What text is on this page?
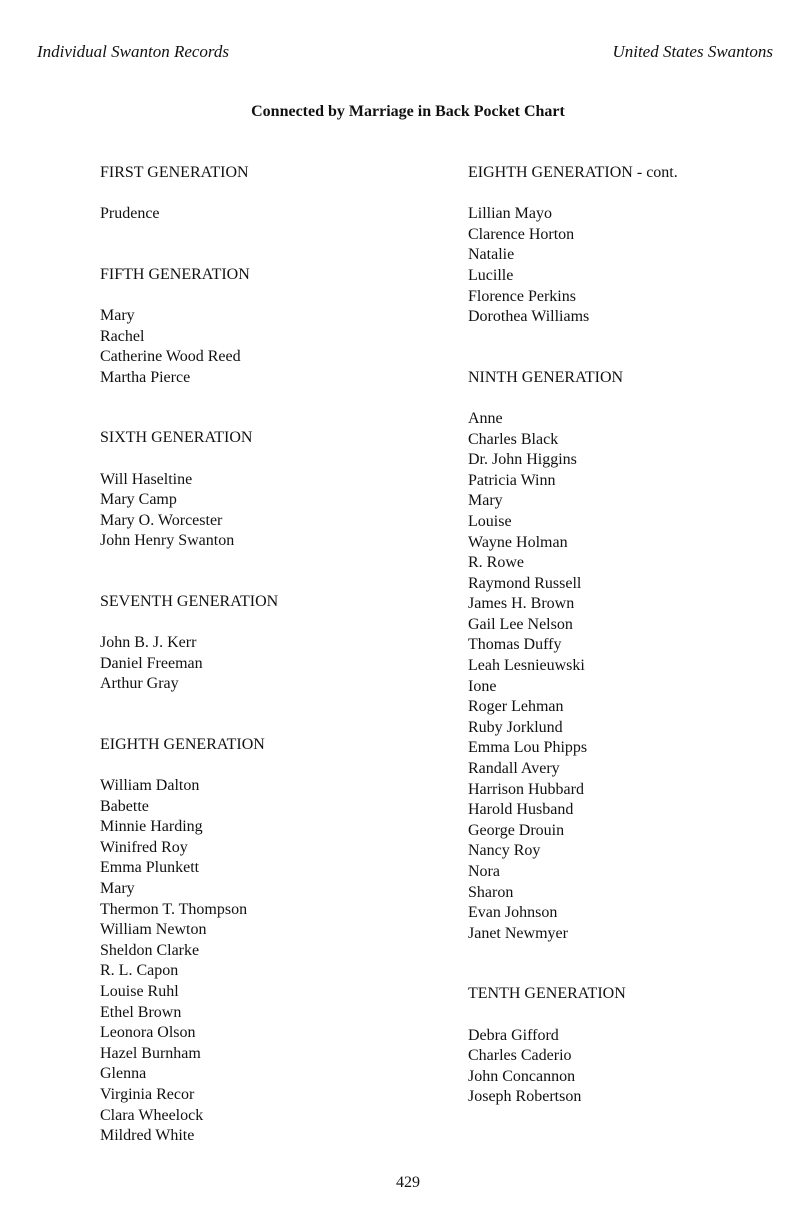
Individual Swanton Records	United States Swantons
Connected by Marriage in Back Pocket Chart
FIRST GENERATION
Prudence
FIFTH GENERATION
Mary
Rachel
Catherine Wood Reed
Martha Pierce
SIXTH GENERATION
Will Haseltine
Mary Camp
Mary O. Worcester
John Henry Swanton
SEVENTH GENERATION
John B. J. Kerr
Daniel Freeman
Arthur Gray
EIGHTH GENERATION
William Dalton
Babette
Minnie Harding
Winifred Roy
Emma Plunkett
Mary
Thermon T. Thompson
William Newton
Sheldon Clarke
R. L. Capon
Louise Ruhl
Ethel Brown
Leonora Olson
Hazel Burnham
Glenna
Virginia Recor
Clara Wheelock
Mildred White
EIGHTH GENERATION - cont.
Lillian Mayo
Clarence Horton
Natalie
Lucille
Florence Perkins
Dorothea Williams
NINTH GENERATION
Anne
Charles Black
Dr. John Higgins
Patricia Winn
Mary
Louise
Wayne Holman
R. Rowe
Raymond Russell
James H. Brown
Gail Lee Nelson
Thomas Duffy
Leah Lesnieuwski
Ione
Roger Lehman
Ruby Jorklund
Emma Lou Phipps
Randall Avery
Harrison Hubbard
Harold Husband
George Drouin
Nancy Roy
Nora
Sharon
Evan Johnson
Janet Newmyer
TENTH GENERATION
Debra Gifford
Charles Caderio
John Concannon
Joseph Robertson
429
